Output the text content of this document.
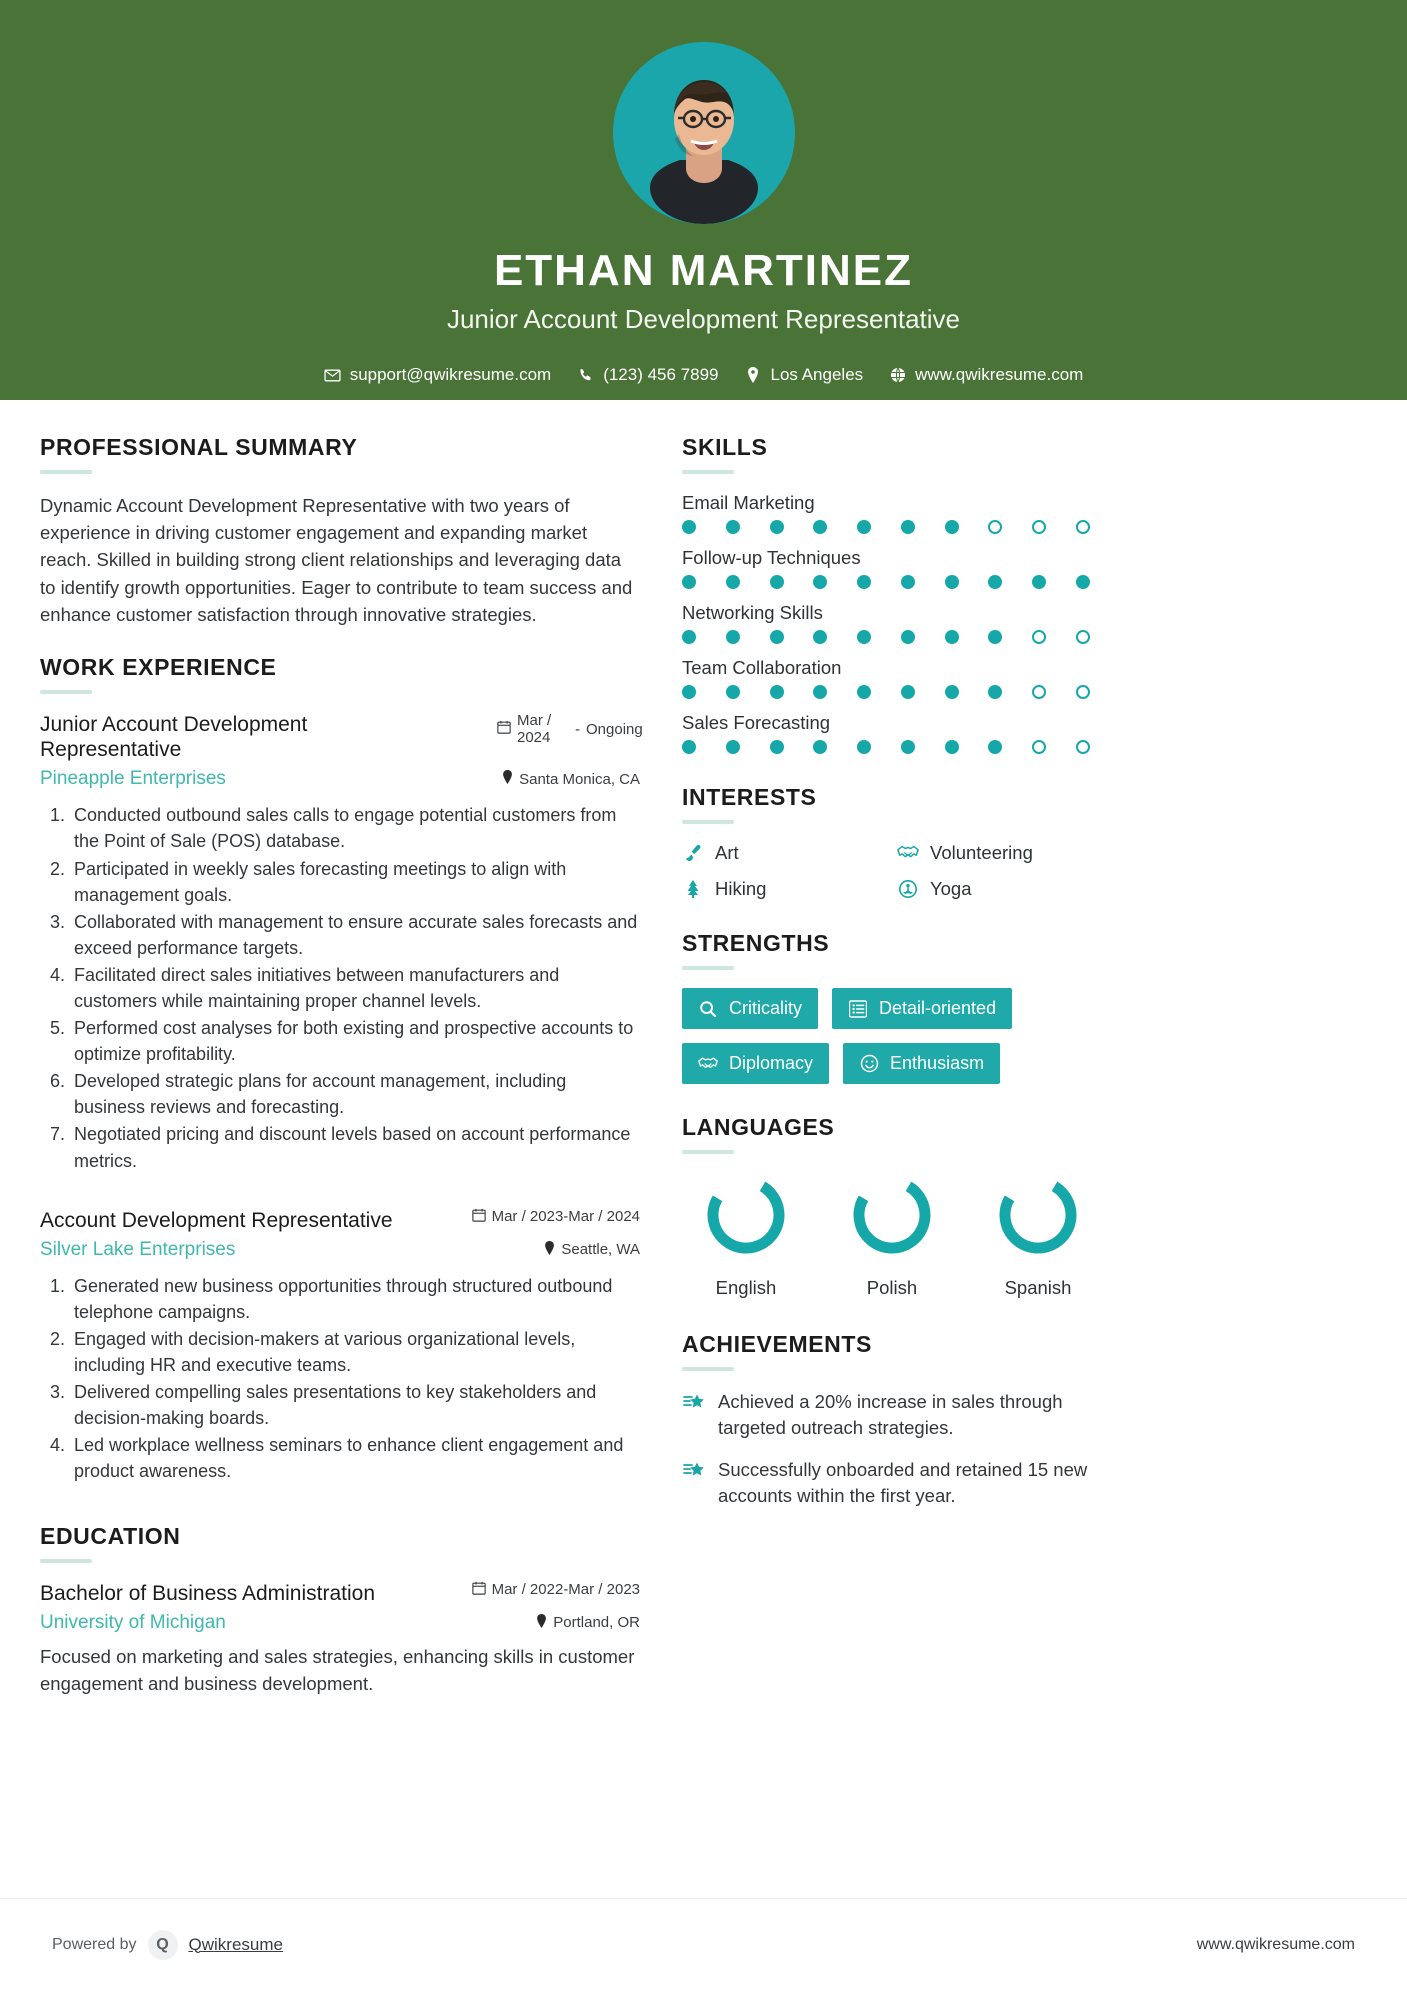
ETHAN MARTINEZ
Junior Account Development Representative
support@qwikresume.com	(123) 456 7899	Los Angeles	www.qwikresume.com
PROFESSIONAL SUMMARY
Dynamic Account Development Representative with two years of experience in driving customer engagement and expanding market reach. Skilled in building strong client relationships and leveraging data to identify growth opportunities. Eager to contribute to team success and enhance customer satisfaction through innovative strategies.
WORK EXPERIENCE
Junior Account Development Representative
Mar / 2024
- Ongoing
Pineapple Enterprises	Santa Monica, CA
1. Conducted outbound sales calls to engage potential customers from the Point of Sale (POS) database.
2. Participated in weekly sales forecasting meetings to align with management goals.
3. Collaborated with management to ensure accurate sales forecasts and exceed performance targets.
4. Facilitated direct sales initiatives between manufacturers and customers while maintaining proper channel levels.
5. Performed cost analyses for both existing and prospective accounts to optimize profitability.
6. Developed strategic plans for account management, including business reviews and forecasting.
7. Negotiated pricing and discount levels based on account performance metrics.
Account Development Representative	Mar / 2023-Mar / 2024
Silver Lake Enterprises	Seattle, WA
1. Generated new business opportunities through structured outbound telephone campaigns.
2. Engaged with decision-makers at various organizational levels, including HR and executive teams.
3. Delivered compelling sales presentations to key stakeholders and decision-making boards.
4. Led workplace wellness seminars to enhance client engagement and product awareness.
EDUCATION
Bachelor of Business Administration	Mar / 2022-Mar / 2023
University of Michigan	Portland, OR
Focused on marketing and sales strategies, enhancing skills in customer engagement and business development.
SKILLS
Email Marketing
Follow-up Techniques
Networking Skills
Team Collaboration
Sales Forecasting
INTERESTS
Art	Volunteering
Hiking	Yoga
STRENGTHS
Criticality	Detail-oriented
Diplomacy	Enthusiasm
LANGUAGES
English	Polish	Spanish
ACHIEVEMENTS
Achieved a 20% increase in sales through targeted outreach strategies.
Successfully onboarded and retained 15 new accounts within the first year.
Powered by Q Qwikresume	www.qwikresume.com
